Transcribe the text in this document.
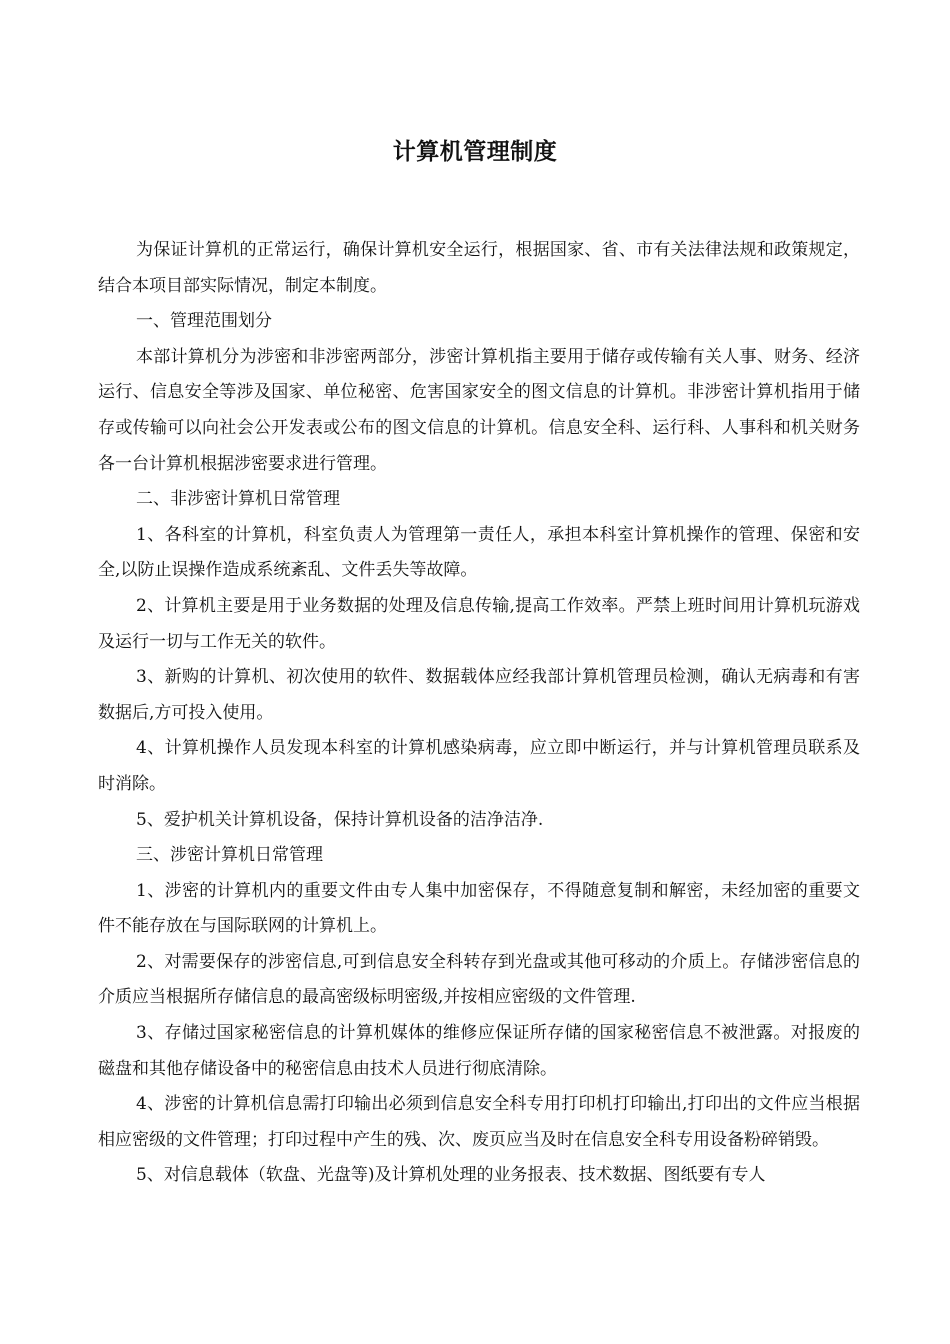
计算机管理制度

为保证计算机的正常运行，确保计算机安全运行，根据国家、省、市有关法律法规和政策规定，结合本项目部实际情况，制定本制度。

一、管理范围划分

本部计算机分为涉密和非涉密两部分，涉密计算机指主要用于储存或传输有关人事、财务、经济运行、信息安全等涉及国家、单位秘密、危害国家安全的图文信息的计算机。非涉密计算机指用于储存或传输可以向社会公开发表或公布的图文信息的计算机。信息安全科、运行科、人事科和机关财务各一台计算机根据涉密要求进行管理。

二、非涉密计算机日常管理

1、各科室的计算机，科室负责人为管理第一责任人，承担本科室计算机操作的管理、保密和安全,以防止误操作造成系统紊乱、文件丢失等故障。

2、计算机主要是用于业务数据的处理及信息传输,提高工作效率。严禁上班时间用计算机玩游戏及运行一切与工作无关的软件。

3、新购的计算机、初次使用的软件、数据载体应经我部计算机管理员检测，确认无病毒和有害数据后,方可投入使用。

4、计算机操作人员发现本科室的计算机感染病毒，应立即中断运行，并与计算机管理员联系及时消除。

5、爱护机关计算机设备，保持计算机设备的洁净洁净.

三、涉密计算机日常管理

1、涉密的计算机内的重要文件由专人集中加密保存，不得随意复制和解密，未经加密的重要文件不能存放在与国际联网的计算机上。

2、对需要保存的涉密信息,可到信息安全科转存到光盘或其他可移动的介质上。存储涉密信息的介质应当根据所存储信息的最高密级标明密级,并按相应密级的文件管理.

3、存储过国家秘密信息的计算机媒体的维修应保证所存储的国家秘密信息不被泄露。对报废的磁盘和其他存储设备中的秘密信息由技术人员进行彻底清除。

4、涉密的计算机信息需打印输出必须到信息安全科专用打印机打印输出,打印出的文件应当根据相应密级的文件管理；打印过程中产生的残、次、废页应当及时在信息安全科专用设备粉碎销毁。

5、对信息载体（软盘、光盘等)及计算机处理的业务报表、技术数据、图纸要有专人
